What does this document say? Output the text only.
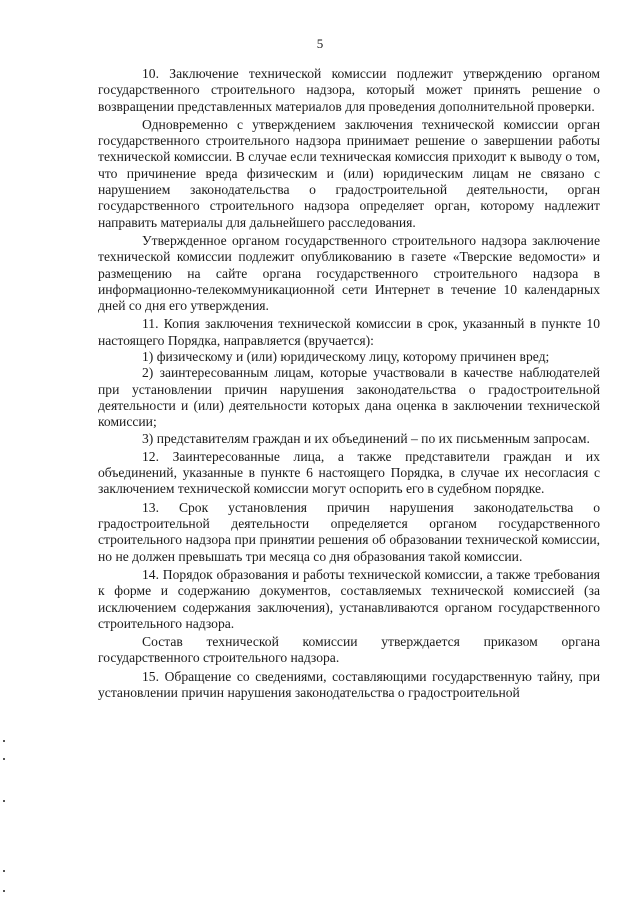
5

10. Заключение технической комиссии подлежит утверждению органом государственного строительного надзора, который может принять решение о возвращении представленных материалов для проведения дополнительной проверки.

Одновременно с утверждением заключения технической комиссии орган государственного строительного надзора принимает решение о завершении работы технической комиссии. В случае если техническая комиссия приходит к выводу о том, что причинение вреда физическим и (или) юридическим лицам не связано с нарушением законодательства о градостроительной деятельности, орган государственного строительного надзора определяет орган, которому надлежит направить материалы для дальнейшего расследования.

Утвержденное органом государственного строительного надзора заключение технической комиссии подлежит опубликованию в газете «Тверские ведомости» и размещению на сайте органа государственного строительного надзора в информационно-телекоммуникационной сети Интернет в течение 10 календарных дней со дня его утверждения.

11. Копия заключения технической комиссии в срок, указанный в пункте 10 настоящего Порядка, направляется (вручается):

1) физическому и (или) юридическому лицу, которому причинен вред;

2) заинтересованным лицам, которые участвовали в качестве наблюдателей при установлении причин нарушения законодательства о градостроительной деятельности и (или) деятельности которых дана оценка в заключении технической комиссии;

3) представителям граждан и их объединений – по их письменным запросам.

12. Заинтересованные лица, а также представители граждан и их объединений, указанные в пункте 6 настоящего Порядка, в случае их несогласия с заключением технической комиссии могут оспорить его в судебном порядке.

13. Срок установления причин нарушения законодательства о градостроительной деятельности определяется органом государственного строительного надзора при принятии решения об образовании технической комиссии, но не должен превышать три месяца со дня образования такой комиссии.

14. Порядок образования и работы технической комиссии, а также требования к форме и содержанию документов, составляемых технической комиссией (за исключением содержания заключения), устанавливаются органом государственного строительного надзора.

Состав технической комиссии утверждается приказом органа государственного строительного надзора.

15. Обращение со сведениями, составляющими государственную тайну, при установлении причин нарушения законодательства о градостроительной
